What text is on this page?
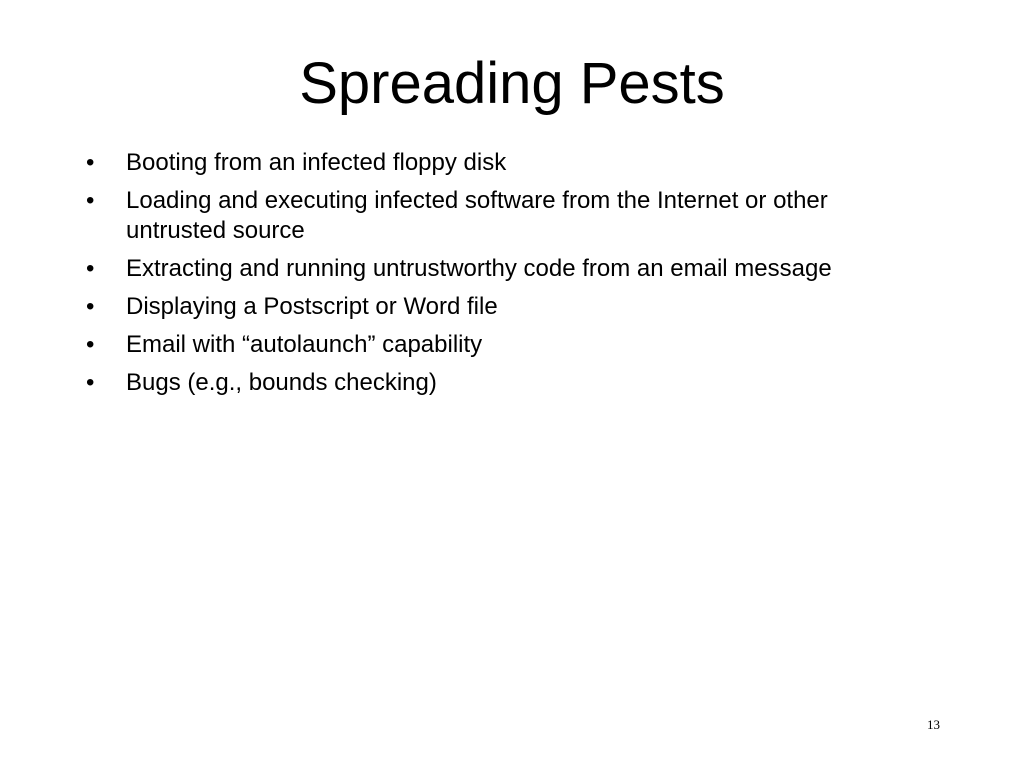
Spreading Pests
•	Booting from an infected floppy disk
•	Loading and executing infected software from the Internet or other untrusted source
•	Extracting and running untrustworthy code from an email message
•	Displaying a Postscript or Word file
•	Email with “autolaunch” capability
•	Bugs (e.g., bounds checking)
13
